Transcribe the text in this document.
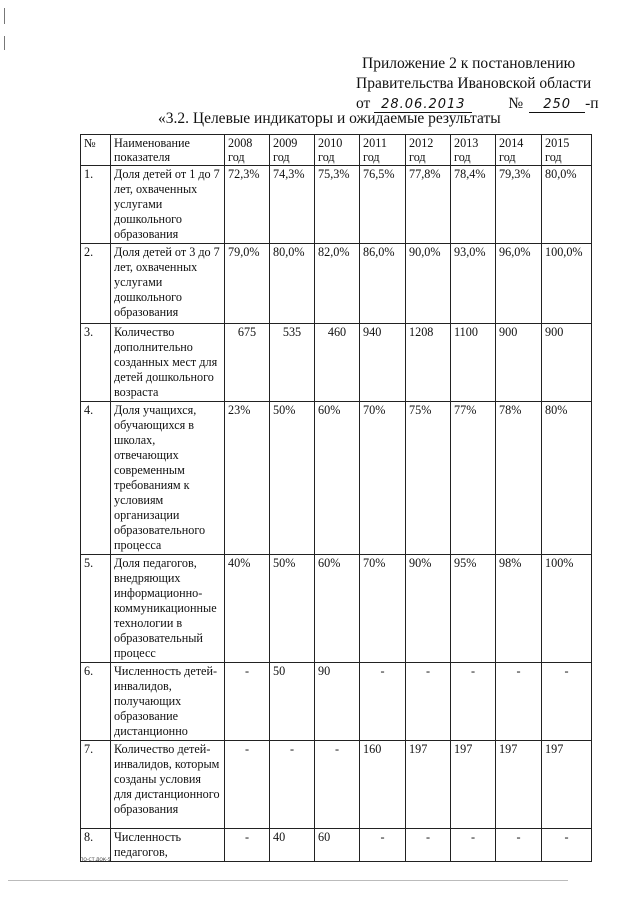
Приложение 2 к постановлению
Правительства Ивановской области
от 28.06.2013	№	250 -п
«3.2. Целевые индикаторы и ожидаемые результаты
№	Наименование показателя	2008 год	2009 год	2010 год	2011 год	2012 год	2013 год	2014 год	2015 год
1.	Доля детей от 1 до 7 лет, охваченных услугами дошкольного образования	72,3%	74,3%	75,3%	76,5%	77,8%	78,4%	79,3%	80,0%
2.	Доля детей от 3 до 7 лет, охваченных услугами дошкольного образования	79,0%	80,0%	82,0%	86,0%	90,0%	93,0%	96,0%	100,0%
3.	Количество дополнительно созданных мест для детей дошкольного возраста	675	535	460	940	1208	1100	900	900
4.	Доля учащихся, обучающихся в школах, отвечающих современным требованиям к условиям организации образовательного процесса	23%	50%	60%	70%	75%	77%	78%	80%
5.	Доля педагогов, внедряющих информационно-коммуникационные технологии в образовательный процесс	40%	50%	60%	70%	90%	95%	98%	100%
6.	Численность детей-инвалидов, получающих образование дистанционно	-	50	90	-	-	-	-	-
7.	Количество детей-инвалидов, которым созданы условия для дистанционного образования	-	-	-	160	197	197	197	197
8.	Численность педагогов,	-	40	60	-	-	-	-	-
ПО-СТ.ДОК-5
